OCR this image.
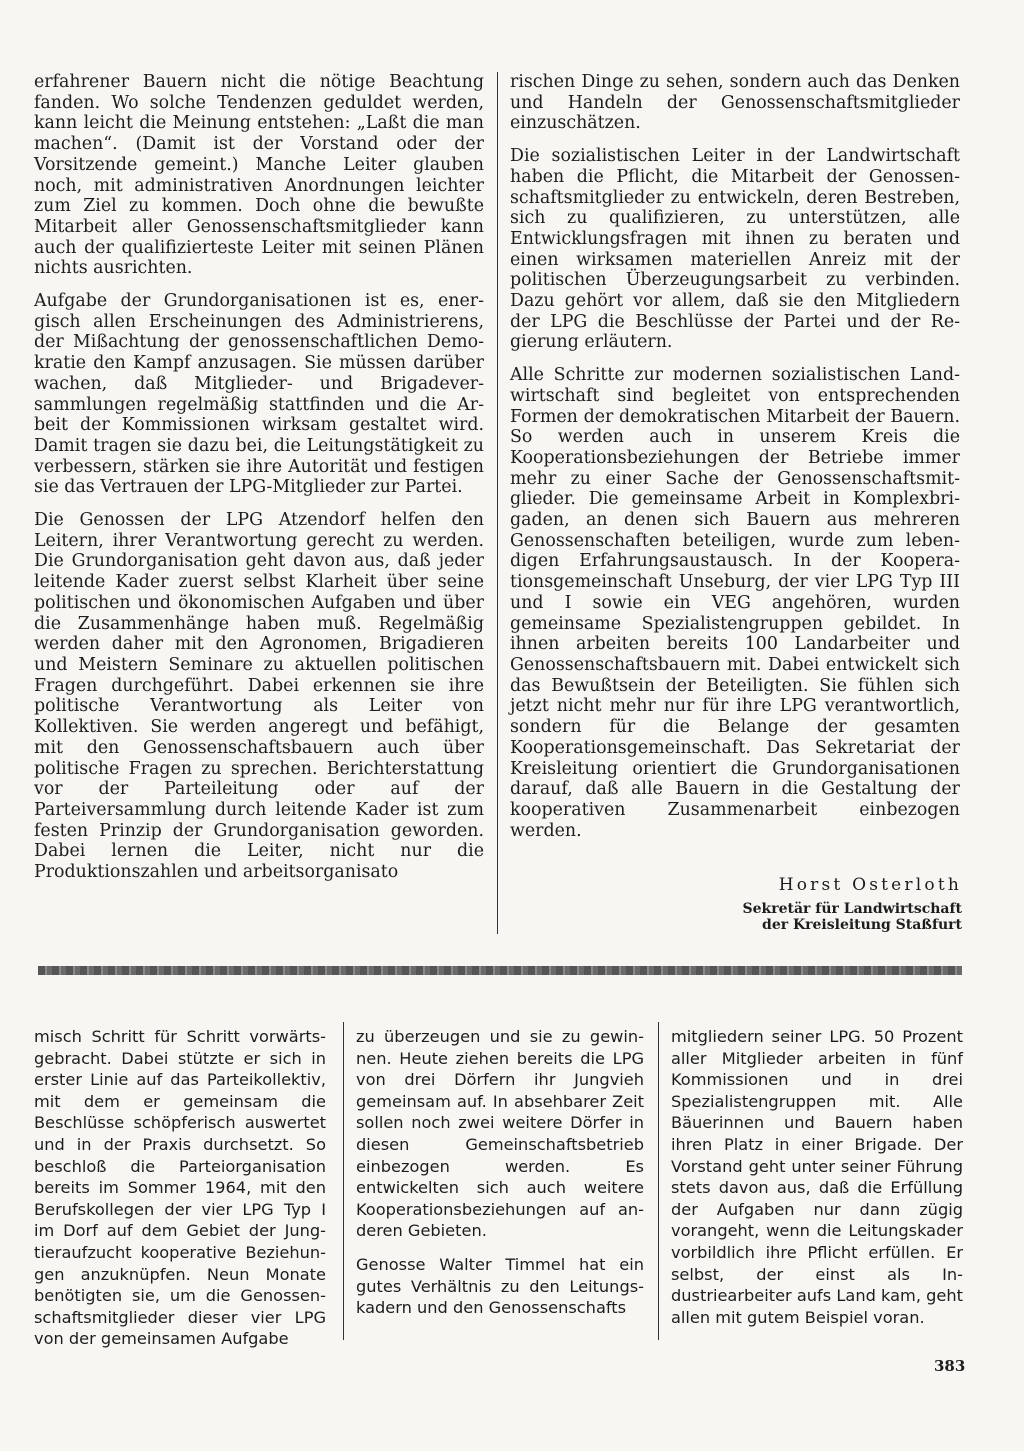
erfahrener Bauern nicht die nötige Beachtung fanden. Wo solche Tendenzen geduldet werden, kann leicht die Meinung entstehen: „Laßt die man machen“. (Damit ist der Vorstand oder der Vorsitzende gemeint.) Manche Leiter glauben noch, mit administrativen Anordnungen leichter zum Ziel zu kommen. Doch ohne die bewußte Mitarbeit aller Genossenschaftsmitglieder kann auch der qualifizierteste Leiter mit seinen Plänen nichts ausrichten.

Aufgabe der Grundorganisationen ist es, energisch allen Erscheinungen des Administrierens, der Mißachtung der genossenschaftlichen Demokratie den Kampf anzusagen. Sie müssen darüber wachen, daß Mitglieder- und Brigadeversammlungen regelmäßig stattfinden und die Arbeit der Kommissionen wirksam gestaltet wird. Damit tragen sie dazu bei, die Leitungstätigkeit zu verbessern, stärken sie ihre Autorität und festigen sie das Vertrauen der LPG-Mitglieder zur Partei.

Die Genossen der LPG Atzendorf helfen den Leitern, ihrer Verantwortung gerecht zu werden. Die Grundorganisation geht davon aus, daß jeder leitende Kader zuerst selbst Klarheit über seine politischen und ökonomischen Aufgaben und über die Zusammenhänge haben muß. Regelmäßig werden daher mit den Agronomen, Brigadieren und Meistern Seminare zu aktuellen politischen Fragen durchgeführt. Dabei erkennen sie ihre politische Verantwortung als Leiter von Kollektiven. Sie werden angeregt und befähigt, mit den Genossenschaftsbauern auch über politische Fragen zu sprechen. Berichterstattung vor der Parteileitung oder auf der Parteiversammlung durch leitende Kader ist zum festen Prinzip der Grundorganisation geworden. Dabei lernen die Leiter, nicht nur die Produktionszahlen und arbeitsorganisato

rischen Dinge zu sehen, sondern auch das Denken und Handeln der Genossenschaftsmitglieder einzuschätzen.

Die sozialistischen Leiter in der Landwirtschaft haben die Pflicht, die Mitarbeit der Genossenschaftsmitglieder zu entwickeln, deren Bestreben, sich zu qualifizieren, zu unterstützen, alle Entwicklungsfragen mit ihnen zu beraten und einen wirksamen materiellen Anreiz mit der politischen Überzeugungsarbeit zu verbinden. Dazu gehört vor allem, daß sie den Mitgliedern der LPG die Beschlüsse der Partei und der Regierung erläutern.

Alle Schritte zur modernen sozialistischen Landwirtschaft sind begleitet von entsprechenden Formen der demokratischen Mitarbeit der Bauern. So werden auch in unserem Kreis die Kooperationsbeziehungen der Betriebe immer mehr zu einer Sache der Genossenschaftsmitglieder. Die gemeinsame Arbeit in Komplexbrigaden, an denen sich Bauern aus mehreren Genossenschaften beteiligen, wurde zum lebendigen Erfahrungsaustausch. In der Kooperationsgemeinschaft Unseburg, der vier LPG Typ III und I sowie ein VEG angehören, wurden gemeinsame Spezialistengruppen gebildet. In ihnen arbeiten bereits 100 Landarbeiter und Genossenschaftsbauern mit. Dabei entwickelt sich das Bewußtsein der Beteiligten. Sie fühlen sich jetzt nicht mehr nur für ihre LPG verantwortlich, sondern für die Belange der gesamten Kooperationsgemeinschaft. Das Sekretariat der Kreisleitung orientiert die Grundorganisationen darauf, daß alle Bauern in die Gestaltung der kooperativen Zusammenarbeit einbezogen werden.

Horst Osterloth

Sekretär für Landwirtschaft
der Kreisleitung Staßfurt

misch Schritt für Schritt vorwärtsgebracht. Dabei stützte er sich in erster Linie auf das Parteikollektiv, mit dem er gemeinsam die Beschlüsse schöpferisch auswertet und in der Praxis durchsetzt. So beschloß die Parteiorganisation bereits im Sommer 1964, mit den Berufskollegen der vier LPG Typ I im Dorf auf dem Gebiet der Jungtieraufzucht kooperative Beziehungen anzuknüpfen. Neun Monate benötigten sie, um die Genossenschaftsmitglieder dieser vier LPG von der gemeinsamen Aufgabe

zu überzeugen und sie zu gewinnen. Heute ziehen bereits die LPG von drei Dörfern ihr Jungvieh gemeinsam auf. In absehbarer Zeit sollen noch zwei weitere Dörfer in diesen Gemeinschaftsbetrieb einbezogen werden. Es entwickelten sich auch weitere Kooperationsbeziehungen auf anderen Gebieten.

Genosse Walter Timmel hat ein gutes Verhältnis zu den Leitungskadern und den Genossenschafts

mitgliedern seiner LPG. 50 Prozent aller Mitglieder arbeiten in fünf Kommissionen und in drei Spezialistengruppen mit. Alle Bäuerinnen und Bauern haben ihren Platz in einer Brigade. Der Vorstand geht unter seiner Führung stets davon aus, daß die Erfüllung der Aufgaben nur dann zügig vorangeht, wenn die Leitungskader vorbildlich ihre Pflicht erfüllen. Er selbst, der einst als Industriearbeiter aufs Land kam, geht allen mit gutem Beispiel voran.

383
